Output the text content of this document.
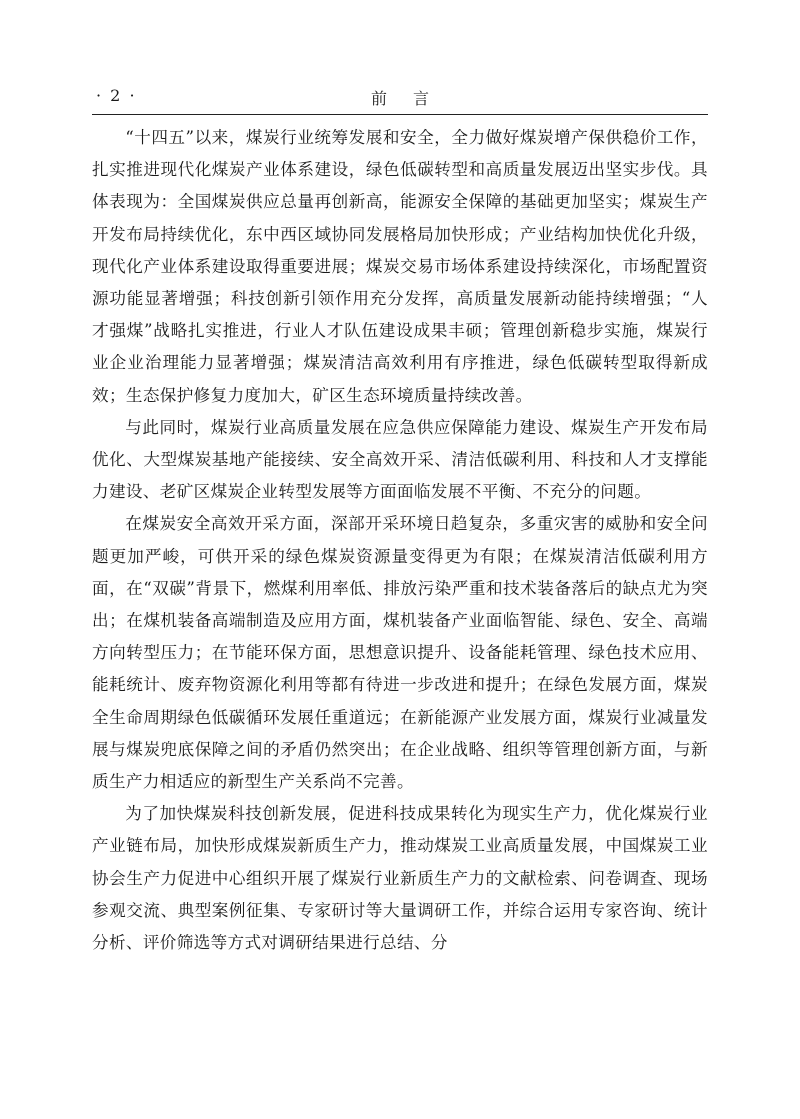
· 2 ·	前言

“十四五”以来，煤炭行业统筹发展和安全，全力做好煤炭增产保供稳价工作，扎实推进现代化煤炭产业体系建设，绿色低碳转型和高质量发展迈出坚实步伐。具体表现为：全国煤炭供应总量再创新高，能源安全保障的基础更加坚实；煤炭生产开发布局持续优化，东中西区域协同发展格局加快形成；产业结构加快优化升级，现代化产业体系建设取得重要进展；煤炭交易市场体系建设持续深化，市场配置资源功能显著增强；科技创新引领作用充分发挥，高质量发展新动能持续增强；“人才强煤”战略扎实推进，行业人才队伍建设成果丰硕；管理创新稳步实施，煤炭行业企业治理能力显著增强；煤炭清洁高效利用有序推进，绿色低碳转型取得新成效；生态保护修复力度加大，矿区生态环境质量持续改善。

与此同时，煤炭行业高质量发展在应急供应保障能力建设、煤炭生产开发布局优化、大型煤炭基地产能接续、安全高效开采、清洁低碳利用、科技和人才支撑能力建设、老矿区煤炭企业转型发展等方面面临发展不平衡、不充分的问题。

在煤炭安全高效开采方面，深部开采环境日趋复杂，多重灾害的威胁和安全问题更加严峻，可供开采的绿色煤炭资源量变得更为有限；在煤炭清洁低碳利用方面，在“双碳”背景下，燃煤利用率低、排放污染严重和技术装备落后的缺点尤为突出；在煤机装备高端制造及应用方面，煤机装备产业面临智能、绿色、安全、高端方向转型压力；在节能环保方面，思想意识提升、设备能耗管理、绿色技术应用、能耗统计、废弃物资源化利用等都有待进一步改进和提升；在绿色发展方面，煤炭全生命周期绿色低碳循环发展任重道远；在新能源产业发展方面，煤炭行业减量发展与煤炭兜底保障之间的矛盾仍然突出；在企业战略、组织等管理创新方面，与新质生产力相适应的新型生产关系尚不完善。

为了加快煤炭科技创新发展，促进科技成果转化为现实生产力，优化煤炭行业产业链布局，加快形成煤炭新质生产力，推动煤炭工业高质量发展，中国煤炭工业协会生产力促进中心组织开展了煤炭行业新质生产力的文献检索、问卷调查、现场参观交流、典型案例征集、专家研讨等大量调研工作，并综合运用专家咨询、统计分析、评价筛选等方式对调研结果进行总结、分
